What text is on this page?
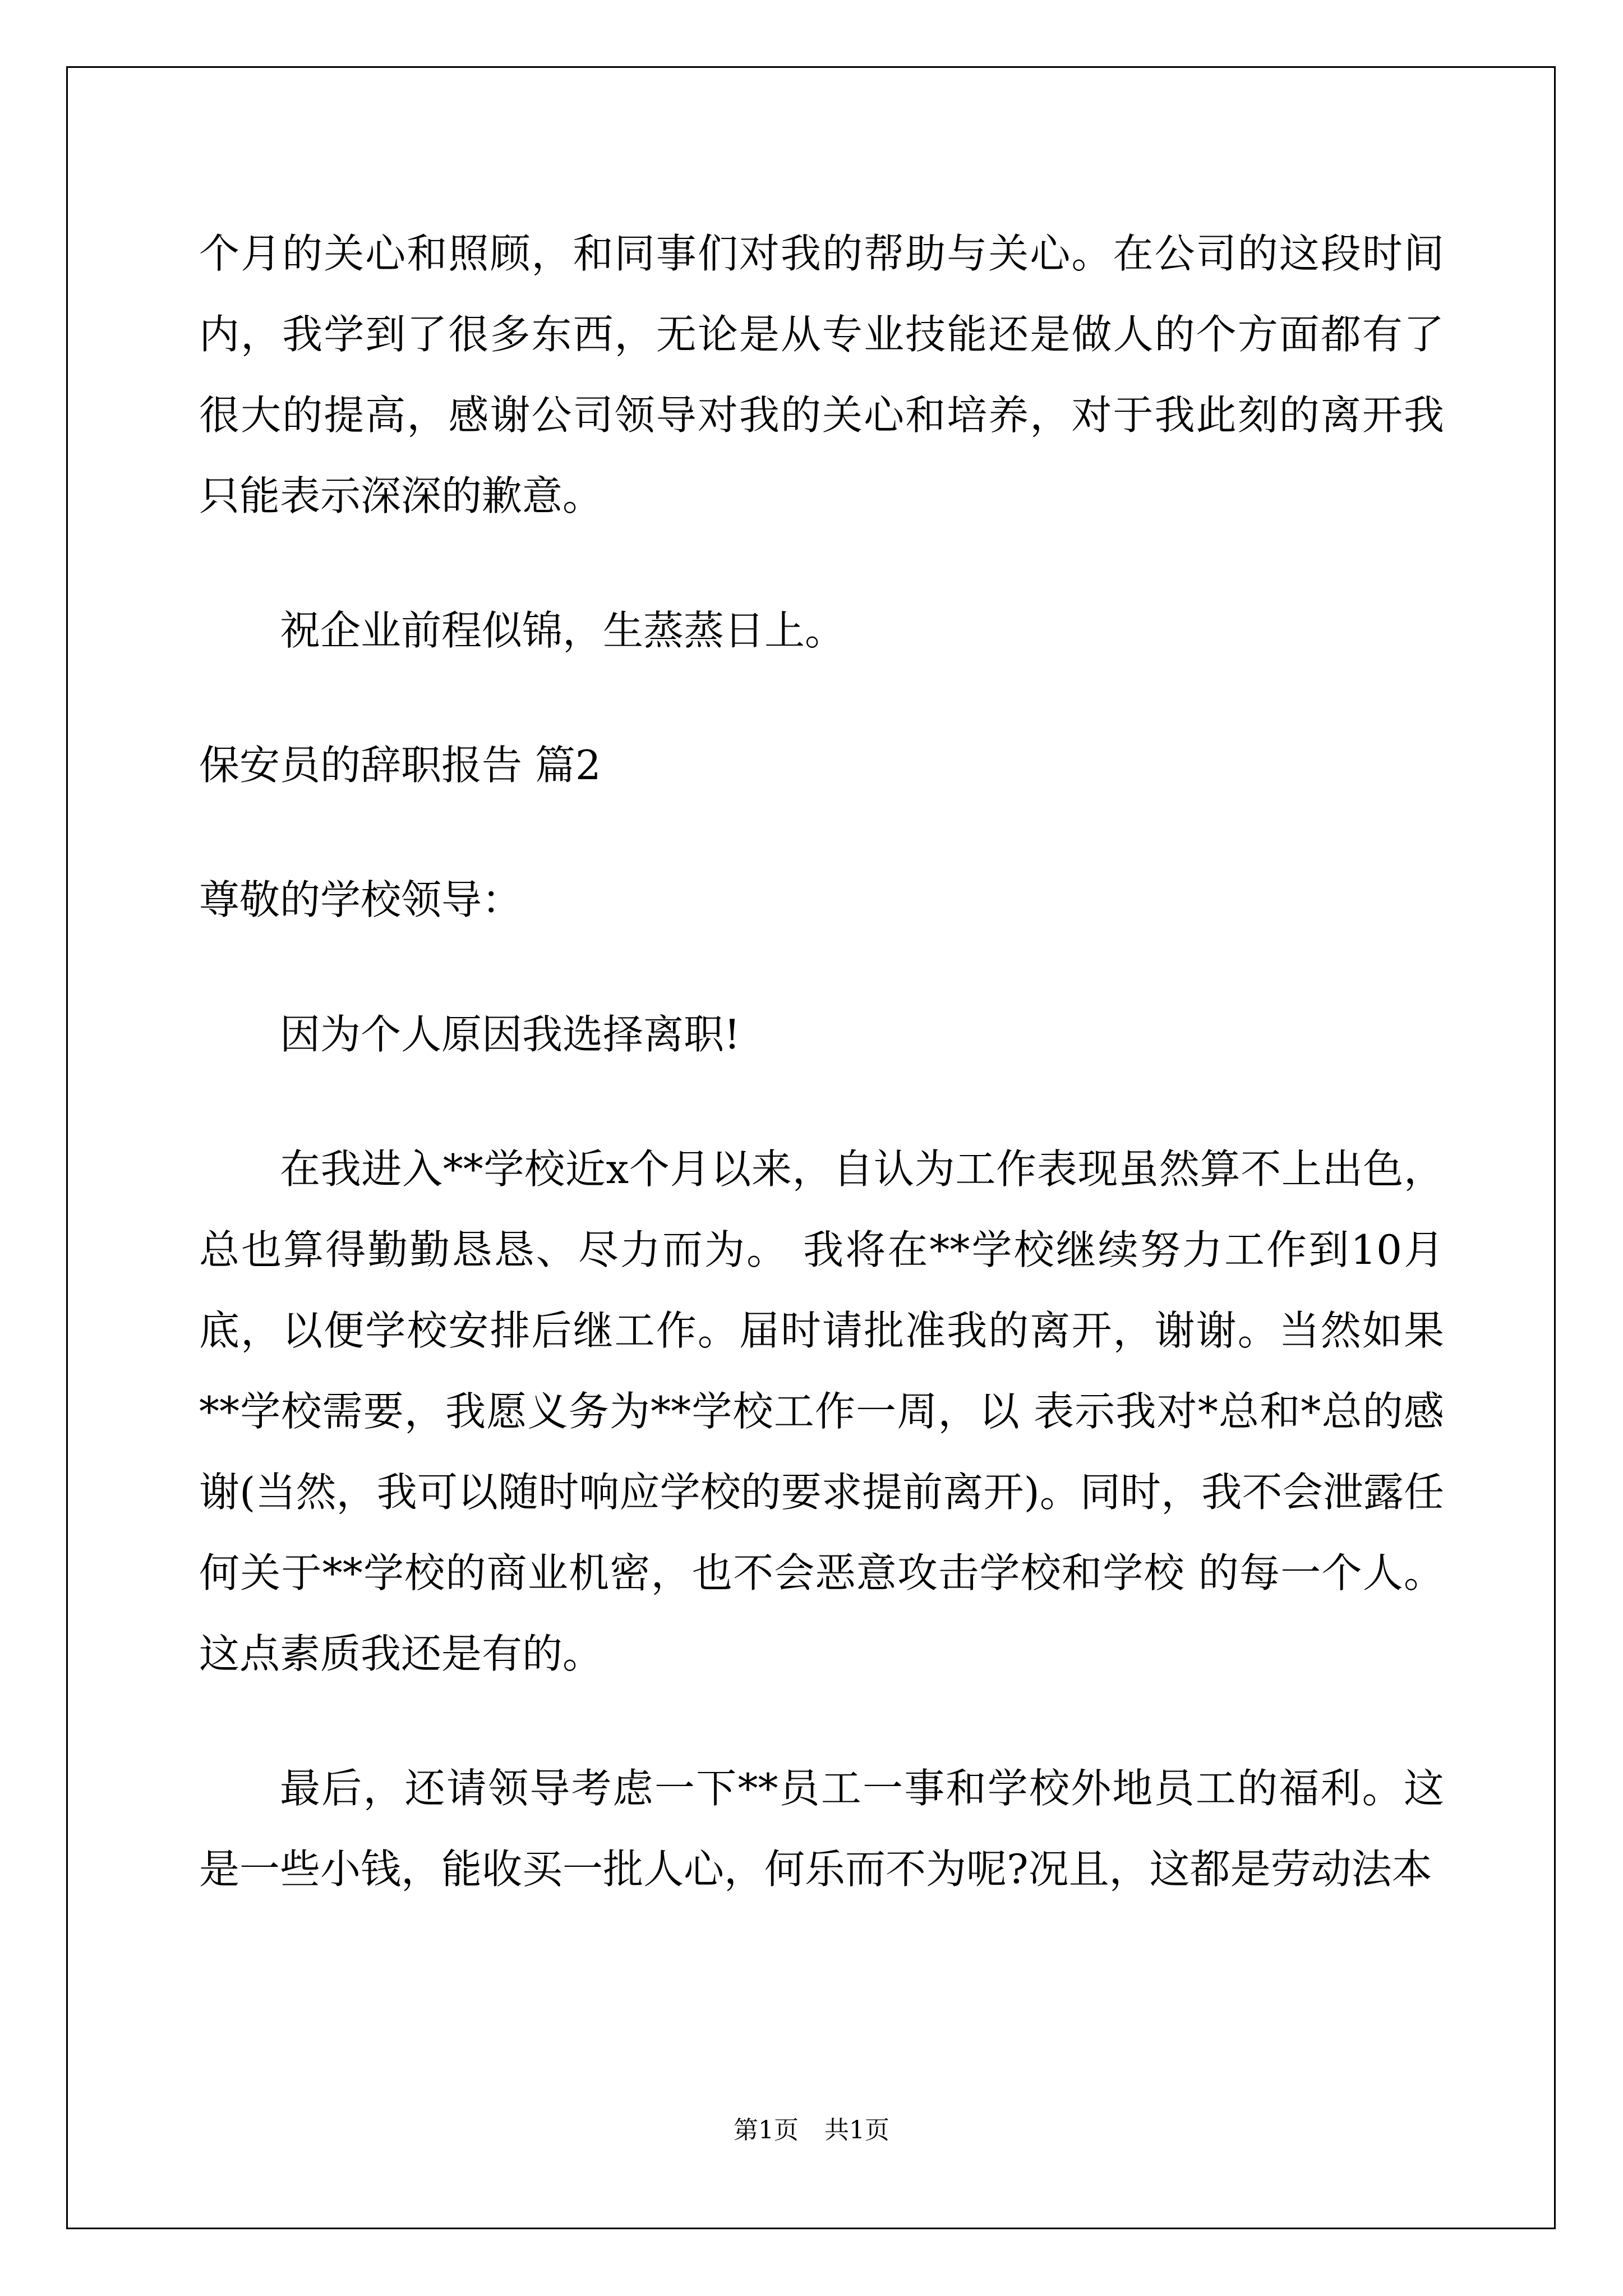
个月的关心和照顾，和同事们对我的帮助与关心。在公司的这段时间内，我学到了很多东西，无论是从专业技能还是做人的个方面都有了很大的提高，感谢公司领导对我的关心和培养，对于我此刻的离开我只能表示深深的歉意。

祝企业前程似锦，生蒸蒸日上。

保安员的辞职报告 篇2

尊敬的学校领导：

因为个人原因我选择离职!

在我进入**学校近x个月以来，自认为工作表现虽然算不上出色，总也算得勤勤恳恳、尽力而为。 我将在**学校继续努力工作到10月底，以便学校安排后继工作。届时请批准我的离开，谢谢。当然如果**学校需要，我愿义务为**学校工作一周，以 表示我对*总和*总的感谢(当然，我可以随时响应学校的要求提前离开)。同时，我不会泄露任何关于**学校的商业机密，也不会恶意攻击学校和学校 的每一个人。这点素质我还是有的。

最后，还请领导考虑一下**员工一事和学校外地员工的福利。这是一些小钱，能收买一批人心，何乐而不为呢?况且，这都是劳动法本

第1页 共1页
